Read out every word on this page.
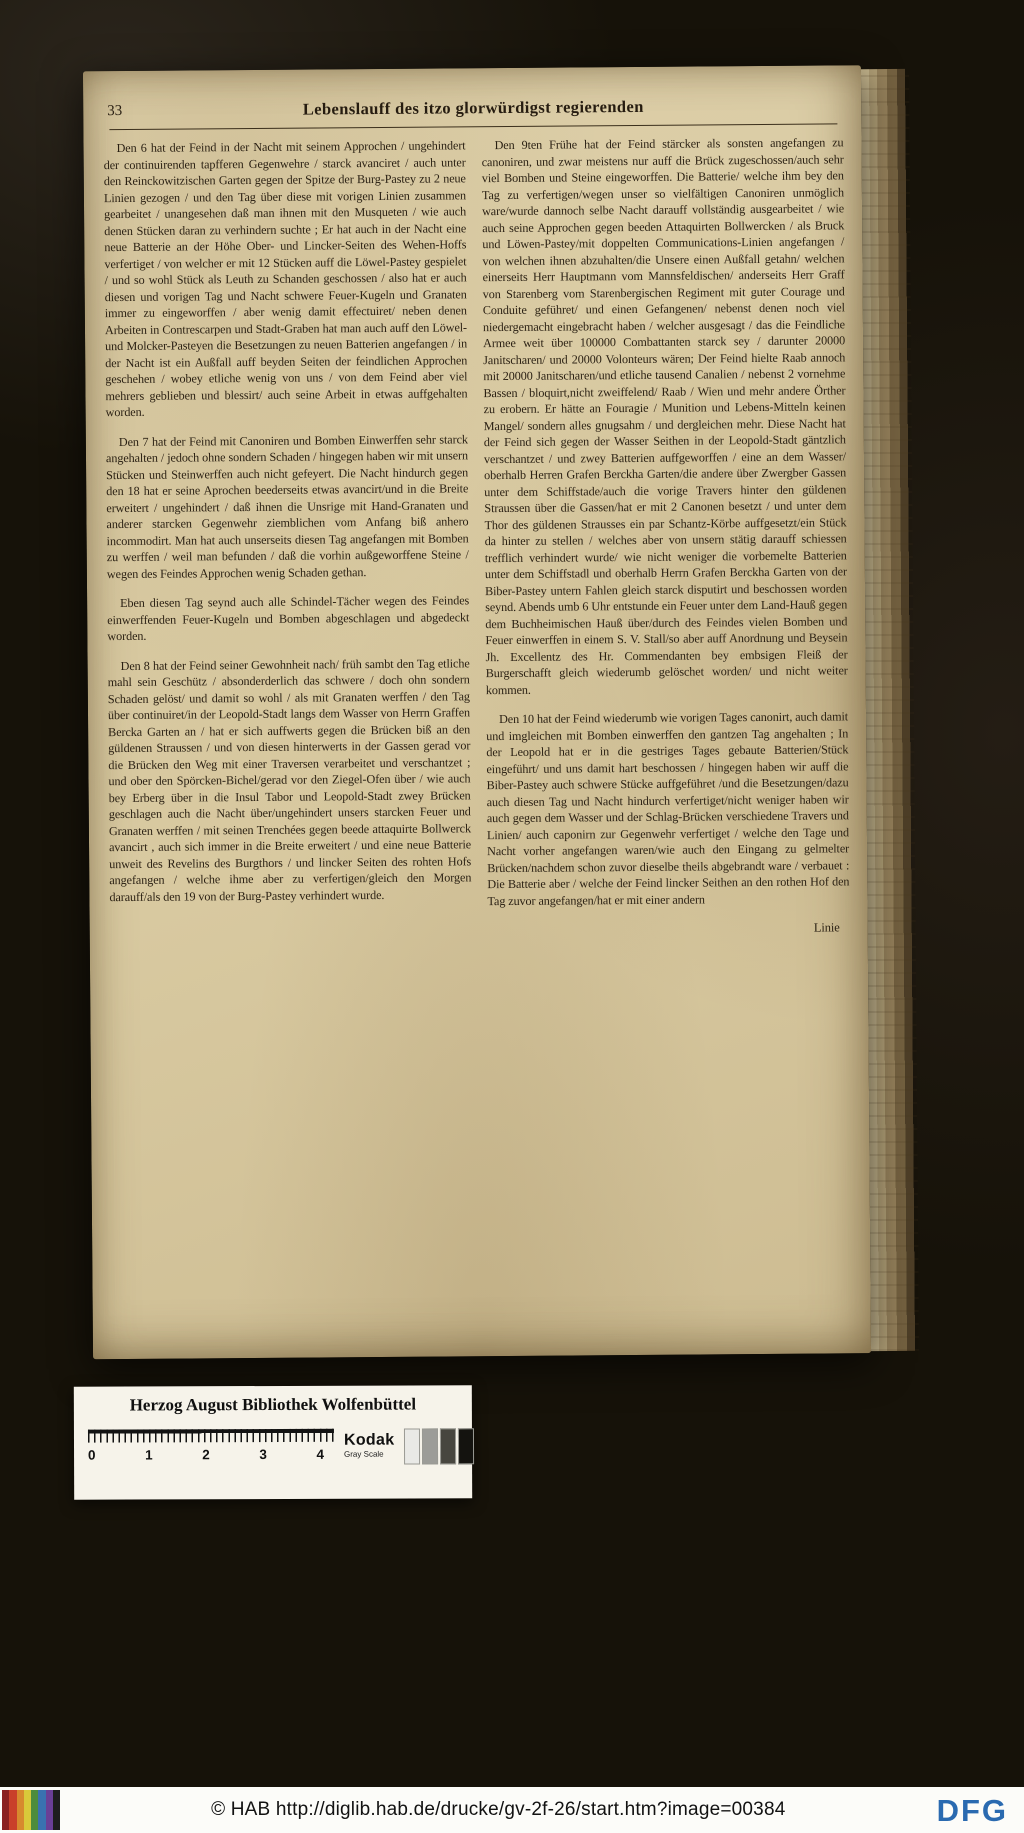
33	Lebenslauff des itzo glorwürdigst regierenden

Den 6 hat der Feind in der Nacht mit seinem Approchen / ungehindert der continuirenden tapfferen Gegenwehre / starck avanciret / auch unter den Reinckowitzischen Garten gegen der Spitze der Burg-Pastey zu 2 neue Linien gezogen / und den Tag über diese mit vorigen Linien zusammen gearbeitet / unangesehen daß man ihnen mit den Musqueten / wie auch denen Stücken daran zu verhindern suchte ; Er hat auch in der Nacht eine neue Batterie an der Höhe Ober- und Lincker-Seiten des Wehen-Hoffs verfertiget / von welcher er mit 12 Stücken auff die Löwel-Pastey gespielet / und so wohl Stück als Leuth zu Schanden geschossen / also hat er auch diesen und vorigen Tag und Nacht schwere Feuer-Kugeln und Granaten immer zu eingeworffen / aber wenig damit effectuiret/ neben denen Arbeiten in Contrescarpen und Stadt-Graben hat man auch auff den Löwel- und Molcker-Pasteyen die Besetzungen zu neuen Batterien angefangen / in der Nacht ist ein Außfall auff beyden Seiten der feindlichen Approchen geschehen / wobey etliche wenig von uns / von dem Feind aber viel mehrers geblieben und blessirt/ auch seine Arbeit in etwas auffgehalten worden.

Den 7 hat der Feind mit Canoniren und Bomben Einwerffen sehr starck angehalten / jedoch ohne sondern Schaden / hingegen haben wir mit unsern Stücken und Steinwerffen auch nicht gefeyert. Die Nacht hindurch gegen den 18 hat er seine Aprochen beederseits etwas avancirt/und in die Breite erweitert / ungehindert / daß ihnen die Unsrige mit Hand-Granaten und anderer starcken Gegenwehr ziemblichen vom Anfang biß anhero incommodirt. Man hat auch unserseits diesen Tag angefangen mit Bomben zu werffen / weil man befunden / daß die vorhin außgeworffene Steine / wegen des Feindes Approchen wenig Schaden gethan.

Eben diesen Tag seynd auch alle Schindel-Tächer wegen des Feindes einwerffenden Feuer-Kugeln und Bomben abgeschlagen und abgedeckt worden.

Den 8 hat der Feind seiner Gewohnheit nach/ früh sambt den Tag etliche mahl sein Geschütz / absonderderlich das schwere / doch ohn sondern Schaden gelöst/ und damit so wohl / als mit Granaten werffen / den Tag über continuiret/in der Leopold-Stadt langs dem Wasser von Herrn Graffen Bercka Garten an / hat er sich auffwerts gegen die Brücken biß an den güldenen Straussen / und von diesen hinterwerts in der Gassen gerad vor die Brücken den Weg mit einer Traversen verarbeitet und verschantzet ; und ober den Spörcken-Bichel/gerad vor den Ziegel-Ofen über / wie auch bey Erberg über in die Insul Tabor und Leopold-Stadt zwey Brücken geschlagen auch die Nacht über/ungehindert unsers starcken Feuer und Granaten werffen / mit seinen Trenchées gegen beede attaquirte Bollwerck avancirt , auch sich immer in die Breite erweitert / und eine neue Batterie unweit des Revelins des Burgthors / und lincker Seiten des rohten Hofs angefangen / welche ihme aber zu verfertigen/gleich den Morgen darauff/als den 19 von der Burg-Pastey verhindert wurde.

Den 9ten Frühe hat der Feind stärcker als sonsten angefangen zu canoniren, und zwar meistens nur auff die Brück zugeschossen/auch sehr viel Bomben und Steine eingeworffen. Die Batterie/ welche ihm bey den Tag zu verfertigen/wegen unser so vielfältigen Canoniren unmöglich ware/wurde dannoch selbe Nacht darauff vollständig ausgearbeitet / wie auch seine Approchen gegen beeden Attaquirten Bollwercken / als Bruck und Löwen-Pastey/mit doppelten Communications-Linien angefangen / von welchen ihnen abzuhalten/die Unsere einen Außfall getahn/ welchen einerseits Herr Hauptmann vom Mannsfeldischen/ anderseits Herr Graff von Starenberg vom Starenbergischen Regiment mit guter Courage und Conduite geführet/ und einen Gefangenen/ nebenst denen noch viel niedergemacht eingebracht haben / welcher ausgesagt / das die Feindliche Armee weit über 100000 Combattanten starck sey / darunter 20000 Janitscharen/ und 20000 Volonteurs wären; Der Feind hielte Raab annoch mit 20000 Janitscharen/und etliche tausend Canalien / nebenst 2 vornehme Bassen / bloquirt,nicht zweiffelend/ Raab / Wien und mehr andere Örther zu erobern. Er hätte an Fouragie / Munition und Lebens-Mitteln keinen Mangel/ sondern alles gnugsahm / und dergleichen mehr. Diese Nacht hat der Feind sich gegen der Wasser Seithen in der Leopold-Stadt gäntzlich verschantzet / und zwey Batterien auffgeworffen / eine an dem Wasser/ oberhalb Herren Grafen Berckha Garten/die andere über Zwergber Gassen unter dem Schiffstade/auch die vorige Travers hinter den güldenen Straussen über die Gassen/hat er mit 2 Canonen besetzt / und unter dem Thor des güldenen Strausses ein par Schantz-Körbe auffgesetzt/ein Stück da hinter zu stellen / welches aber von unsern stätig darauff schiessen trefflich verhindert wurde/ wie nicht weniger die vorbemelte Batterien unter dem Schiffstadl und oberhalb Herrn Grafen Berckha Garten von der Biber-Pastey untern Fahlen gleich starck disputirt und beschossen worden seynd. Abends umb 6 Uhr entstunde ein Feuer unter dem Land-Hauß gegen dem Buchheimischen Hauß über/durch des Feindes vielen Bomben und Feuer einwerffen in einem S. V. Stall/so aber auff Anordnung und Beysein Jh. Excellentz des Hr. Commendanten bey embsigen Fleiß der Burgerschafft gleich wiederumb gelöschet worden/ und nicht weiter kommen.

Den 10 hat der Feind wiederumb wie vorigen Tages canonirt, auch damit und imgleichen mit Bomben einwerffen den gantzen Tag angehalten ; In der Leopold hat er in die gestriges Tages gebaute Batterien/Stück eingeführt/ und uns damit hart beschossen / hingegen haben wir auff die Biber-Pastey auch schwere Stücke auffgeführet /und die Besetzungen/dazu auch diesen Tag und Nacht hindurch verfertiget/nicht weniger haben wir auch gegen dem Wasser und der Schlag-Brücken verschiedene Travers und Linien/ auch caponirn zur Gegenwehr verfertiget / welche den Tage und Nacht vorher angefangen waren/wie auch den Eingang zu gelmelter Brücken/nachdem schon zuvor dieselbe theils abgebrandt ware / verbauet : Die Batterie aber / welche der Feind lincker Seithen an den rothen Hof den Tag zuvor angefangen/hat er mit einer andern

Linie
Herzog August Bibliothek Wolfenbüttel
0	1	2	3	4
Kodak
Gray Scale
© HAB http://diglib.hab.de/drucke/gv-2f-26/start.htm?image=00384	DFG
